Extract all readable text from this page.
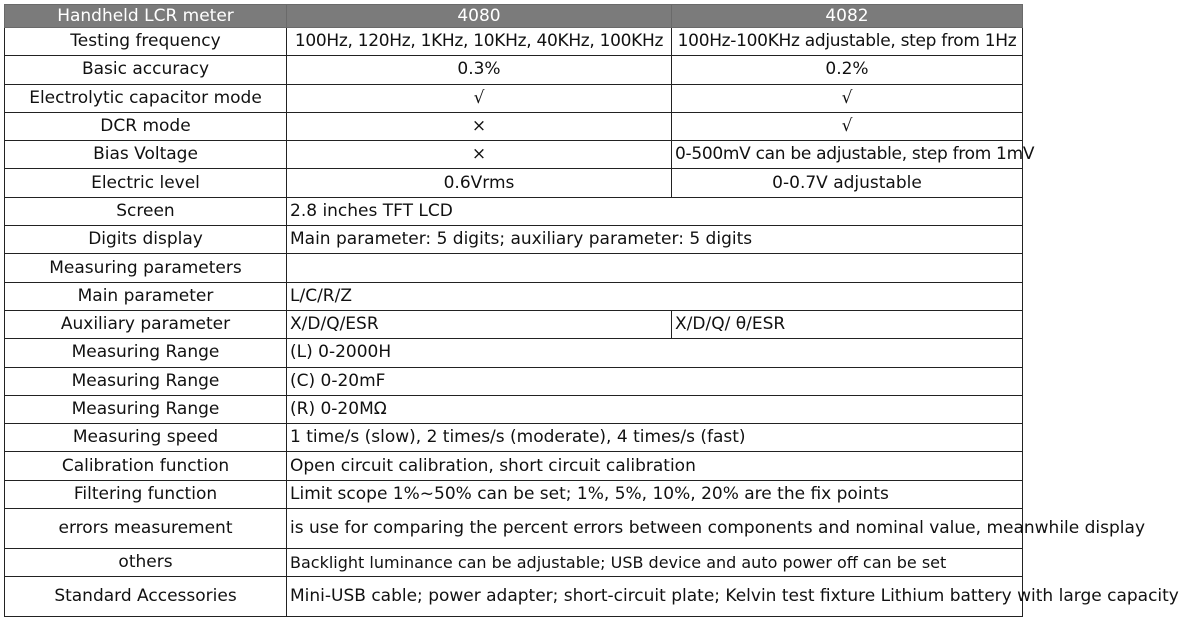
Handheld LCR meter	4080	4082
Testing frequency	100Hz, 120Hz, 1KHz, 10KHz, 40KHz, 100KHz	100Hz-100KHz adjustable, step from 1Hz
Basic accuracy	0.3%	0.2%
Electrolytic capacitor mode	√	√
DCR mode	×	√
Bias Voltage	×	0-500mV can be adjustable, step from 1mV
Electric level	0.6Vrms	0-0.7V adjustable
Screen	2.8 inches TFT LCD	
Digits display	Main parameter: 5 digits; auxiliary parameter: 5 digits	
Measuring parameters		
Main parameter	L/C/R/Z	
Auxiliary parameter	X/D/Q/ESR	X/D/Q/ θ/ESR
Measuring Range	(L) 0-2000H	
Measuring Range	(C) 0-20mF	
Measuring Range	(R) 0-20MΩ	
Measuring speed	1 time/s (slow), 2 times/s (moderate), 4 times/s (fast)	
Calibration function	Open circuit calibration, short circuit calibration	
Filtering function	Limit scope 1%~50% can be set; 1%, 5%, 10%, 20% are the fix points	
errors measurement	is use for comparing the percent errors between components and nominal value, meanwhile display	
others	Backlight luminance can be adjustable; USB device and auto power off can be set	
Standard Accessories	Mini-USB cable; power adapter; short-circuit plate; Kelvin test fixture Lithium battery with large capacity	
